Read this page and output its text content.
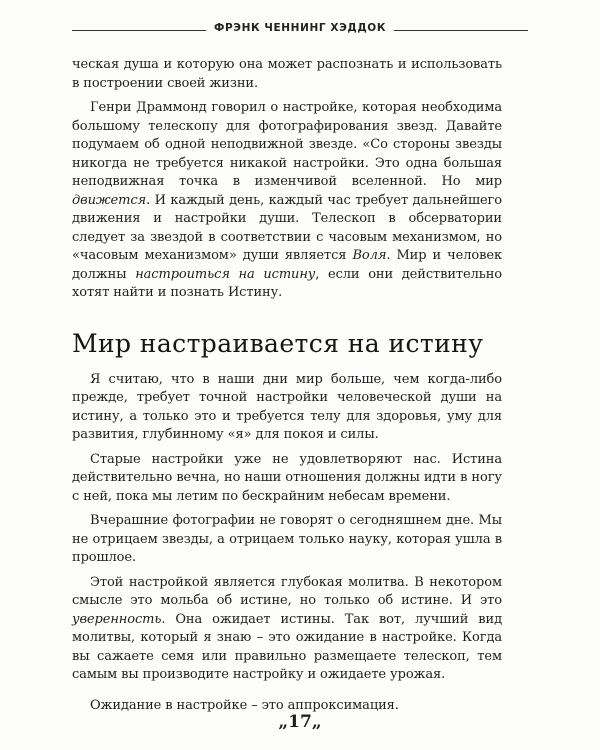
ФРЭНК ЧЕННИНГ ХЭДДОК

ческая душа и которую она может распознать и использовать в построении своей жизни.

Генри Драммонд говорил о настройке, которая необходима большому телескопу для фотографирования звезд. Давайте подумаем об одной неподвижной звезде. «Со стороны звезды никогда не требуется никакой настройки. Это одна большая неподвижная точка в изменчивой вселенной. Но мир движется. И каждый день, каждый час требует дальнейшего движения и настройки души. Телескоп в обсерватории следует за звездой в соответствии с часовым механизмом, но «часовым механизмом» души является Воля. Мир и человек должны настроиться на истину, если они действительно хотят найти и познать Истину.

Мир настраивается на истину

Я считаю, что в наши дни мир больше, чем когда-либо прежде, требует точной настройки человеческой души на истину, а только это и требуется телу для здоровья, уму для развития, глубинному «я» для покоя и силы.

Старые настройки уже не удовлетворяют нас. Истина действительно вечна, но наши отношения должны идти в ногу с ней, пока мы летим по бескрайним небесам времени.

Вчерашние фотографии не говорят о сегодняшнем дне. Мы не отрицаем звезды, а отрицаем только науку, которая ушла в прошлое.

Этой настройкой является глубокая молитва. В некотором смысле это мольба об истине, но только об истине. И это уверенность. Она ожидает истины. Так вот, лучший вид молитвы, который я знаю – это ожидание в настройке. Когда вы сажаете семя или правильно размещаете телескоп, тем самым вы производите настройку и ожидаете урожая.

Ожидание в настройке – это аппроксимация.

„17„
